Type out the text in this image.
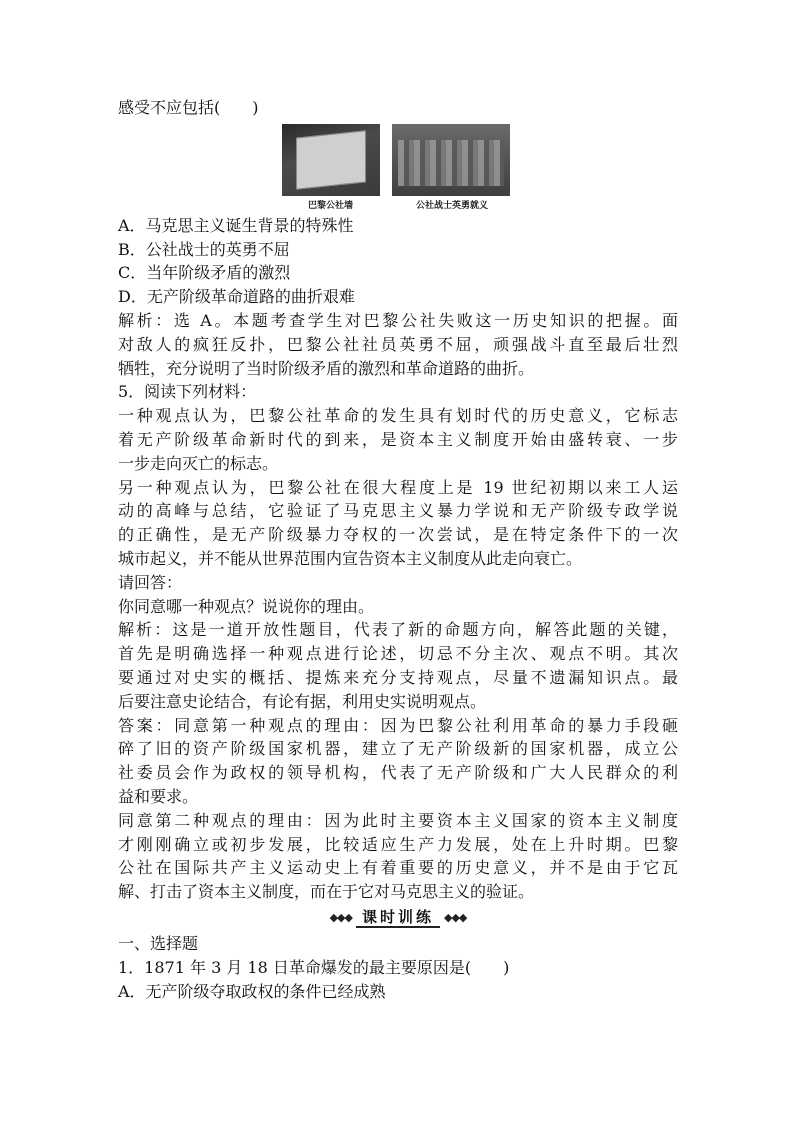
感受不应包括(　　)
巴黎公社墙	公社战士英勇就义
A．马克思主义诞生背景的特殊性
B．公社战士的英勇不屈
C．当年阶级矛盾的激烈
D．无产阶级革命道路的曲折艰难
解析：选 A。本题考查学生对巴黎公社失败这一历史知识的把握。面
对敌人的疯狂反扑，巴黎公社社员英勇不屈，顽强战斗直至最后壮烈
牺牲，充分说明了当时阶级矛盾的激烈和革命道路的曲折。
5．阅读下列材料：
一种观点认为，巴黎公社革命的发生具有划时代的历史意义，它标志
着无产阶级革命新时代的到来，是资本主义制度开始由盛转衰、一步
一步走向灭亡的标志。
另一种观点认为，巴黎公社在很大程度上是 19 世纪初期以来工人运
动的高峰与总结，它验证了马克思主义暴力学说和无产阶级专政学说
的正确性，是无产阶级暴力夺权的一次尝试，是在特定条件下的一次
城市起义，并不能从世界范围内宣告资本主义制度从此走向衰亡。
请回答：
你同意哪一种观点？说说你的理由。
解析：这是一道开放性题目，代表了新的命题方向，解答此题的关键，
首先是明确选择一种观点进行论述，切忌不分主次、观点不明。其次
要通过对史实的概括、提炼来充分支持观点，尽量不遗漏知识点。最
后要注意史论结合，有论有据，利用史实说明观点。
答案：同意第一种观点的理由：因为巴黎公社利用革命的暴力手段砸
碎了旧的资产阶级国家机器，建立了无产阶级新的国家机器，成立公
社委员会作为政权的领导机构，代表了无产阶级和广大人民群众的利
益和要求。
同意第二种观点的理由：因为此时主要资本主义国家的资本主义制度
才刚刚确立或初步发展，比较适应生产力发展，处在上升时期。巴黎
公社在国际共产主义运动史上有着重要的历史意义，并不是由于它瓦
解、打击了资本主义制度，而在于它对马克思主义的验证。
◆◆◆ 课时训练 ◆◆◆
一、选择题
1．1871 年 3 月 18 日革命爆发的最主要原因是(　　)
A．无产阶级夺取政权的条件已经成熟
